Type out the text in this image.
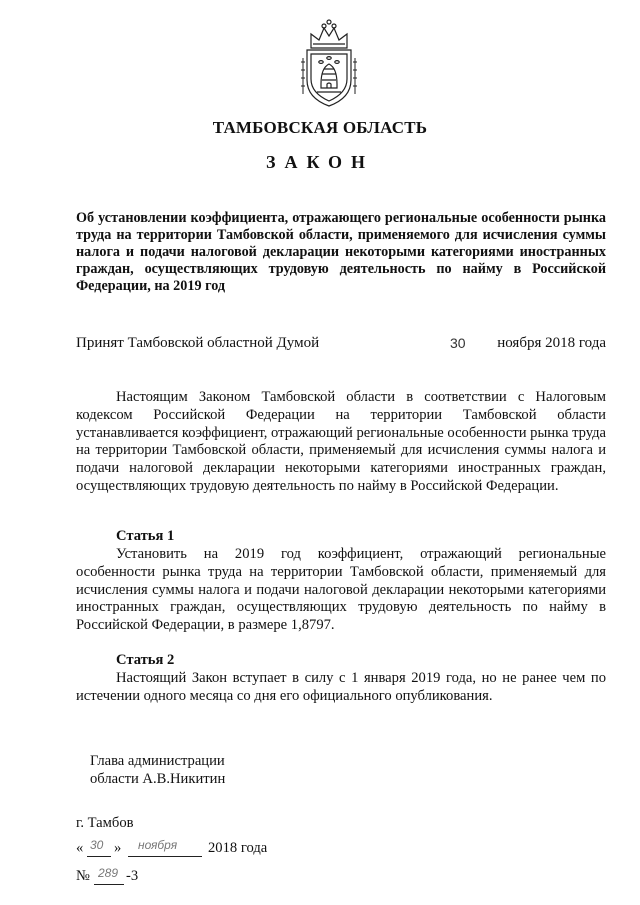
ТАМБОВСКАЯ ОБЛАСТЬ
ЗАКОН
Об установлении коэффициента, отражающего региональные особенности рынка труда на территории Тамбовской области, применяемого для исчисления суммы налога и подачи налоговой декларации некоторыми категориями иностранных граждан, осуществляющих трудовую деятельность по найму в Российской Федерации, на 2019 год
Принят Тамбовской областной Думой	30 ноября 2018 года

Настоящим Законом Тамбовской области в соответствии с Налоговым кодексом Российской Федерации на территории Тамбовской области устанавливается коэффициент, отражающий региональные особенности рынка труда на территории Тамбовской области, применяемый для исчисления суммы налога и подачи налоговой декларации некоторыми категориями иностранных граждан, осуществляющих трудовую деятельность по найму в Российской Федерации.

Статья 1

Установить на 2019 год коэффициент, отражающий региональные особенности рынка труда на территории Тамбовской области, применяемый для исчисления суммы налога и подачи налоговой декларации некоторыми категориями иностранных граждан, осуществляющих трудовую деятельность по найму в Российской Федерации, в размере 1,8797.

Статья 2

Настоящий Закон вступает в силу с 1 января 2019 года, но не ранее чем по истечении одного месяца со дня его официального опубликования.

Глава администрации
области А.В.Никитин
г. Тамбов
« 30 » ноября 2018 года
№ 289 -3
